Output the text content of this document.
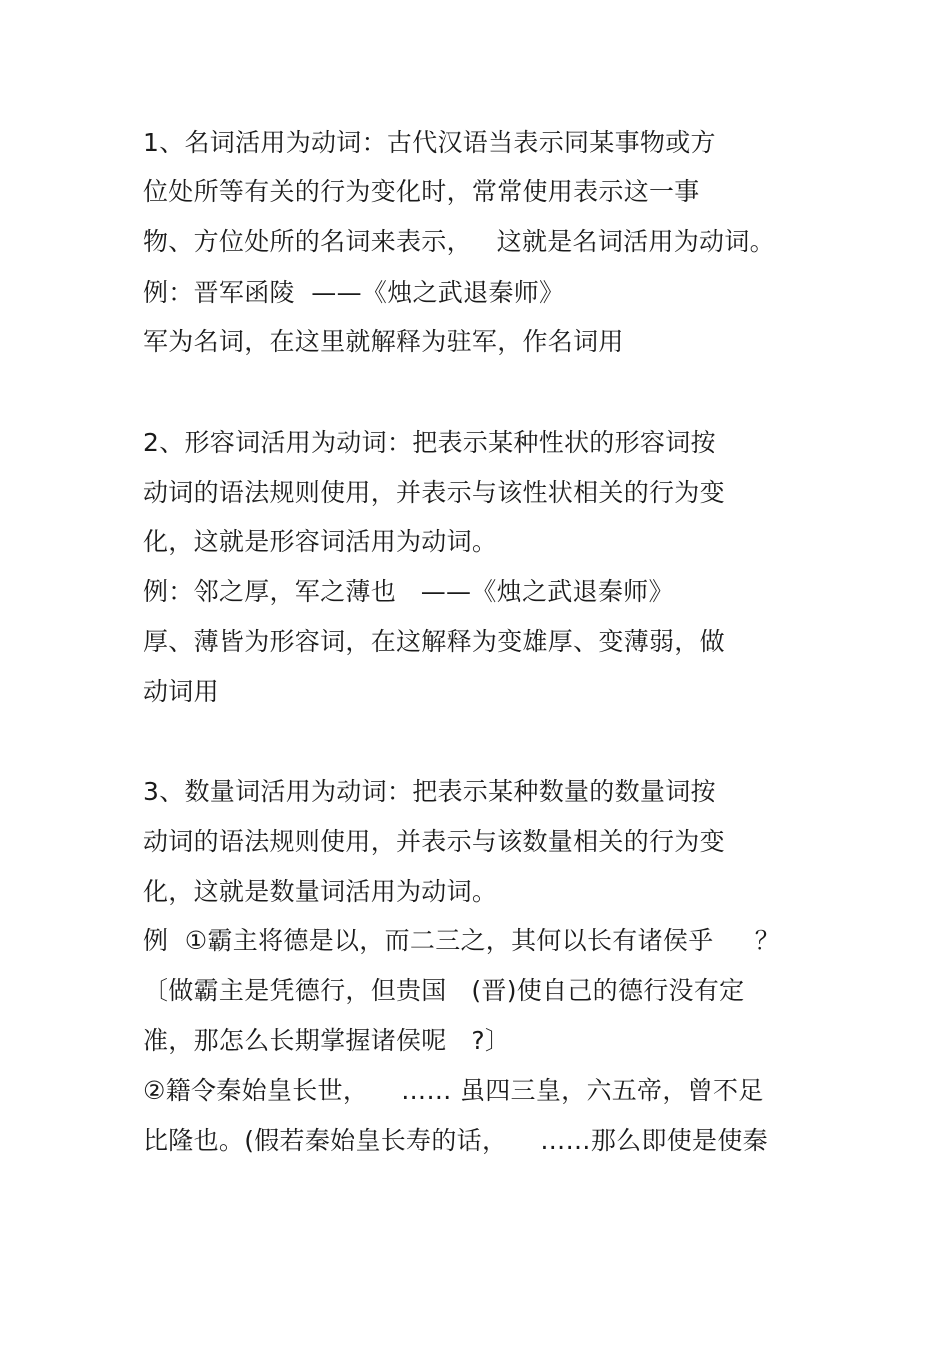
1、名词活用为动词：古代汉语当表示同某事物或方

位处所等有关的行为变化时，常常使用表示这一事

物、方位处所的名词来表示，   这就是名词活用为动词。

例：晋军函陵  ——《烛之武退秦师》

军为名词，在这里就解释为驻军，作名词用

2、形容词活用为动词：把表示某种性状的形容词按

动词的语法规则使用，并表示与该性状相关的行为变

化，这就是形容词活用为动词。

例：邻之厚，军之薄也   ——《烛之武退秦师》

厚、薄皆为形容词，在这解释为变雄厚、变薄弱，做

动词用

3、数量词活用为动词：把表示某种数量的数量词按

动词的语法规则使用，并表示与该数量相关的行为变

化，这就是数量词活用为动词。

例  ①霸主将德是以，而二三之，其何以长有诸侯乎     ？

〔做霸主是凭德行，但贵国   (晋)使自己的德行没有定

准，那怎么长期掌握诸侯呢   ?〕

②籍令秦始皇长世，    …… 虽四三皇，六五帝，曾不足

比隆也。(假若秦始皇长寿的话，    ……那么即使是使秦
